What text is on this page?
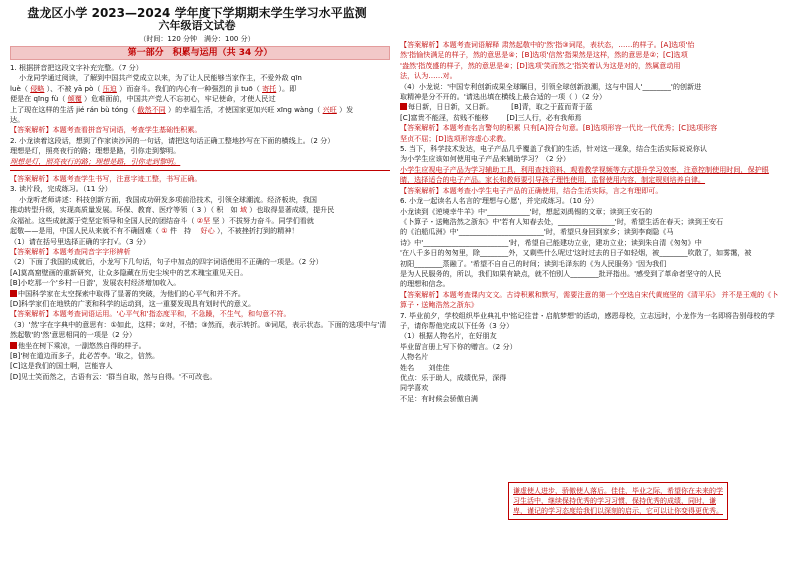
盘龙区小学 2023—2024 学年度下学期期末学生学习水平监测
六年级语文试卷
（时间：120 分钟　满分：100 分）
第一部分　积累与运用（共 34 分）

1. 根据拼音把这段文字补充完整。（7 分）

小龙同学通过阅读，了解到中国共产党成立以来，为了让人民能够当家作主，不爱外敌 qīn

luè（ 侵略 ）、不被 yā pò（ 压迫 ）而奋斗。我们的内心有一种强烈的 jì tuō（ 寄托 ）。即

便是在 qīng fù（ 倾覆 ）危难面前，中国共产党人不忘初心，牢记使命，才使人民过

上了现在这样的生活 jié rán bù tóng（ 截然不同 ）的幸福生活，才使国家更加兴旺 xīng wàng（ 兴旺 ）发

达。

【答案解析】本题考查看拼音写词语，考查学生基础性积累。

2. 小龙读着这段话，想到了作家读沙河的一句话，请把这句话正确工整地抄写在下面的横线上。（2 分）

理想是灯，照亮夜行的路；理想是路，引你走到黎明。

理想是灯，照亮夜行的路；理想是路，引你走到黎明。

【答案解析】本题考查学生书写，注意字迹工整，书写正确。

3. 读片段，完成练习。（11 分）

小龙听老师讲述：科技创新方面，我国成功研发多项前沿技术，引领全球潮流。经济板块，我国

推动转型升级，实现高质量发展。环保、教育、医疗等领（ 3 ）（ 积　如 域 ）也取得显著成绩，提升民

众福祉。这些成就源于党坚定领导和全国人民的团结奋斗（ ②坚 坚 ）不拔努力奋斗。同学们看就

起敬——是用，中国人民从来就不有不确固难（ ① 件　持　 好心 ），不被挫折打到的精神！

（1）请在括号里选择正确的字打√。（3 分）

【答案解析】本题考查同音字字形辨析

（2）下面了我国的成就后，小龙写下几句话，句子中加点的四字词语使用不正确的一项是。（2 分）

[A]莫高窟壁画的重新研究，让众多隐藏在历史尘埃中的艺术瑰宝重见天日。

[B]小吃那一个'乡村一日游'，发展农村经济增加收入。

中国科学家在太空探索中取得了显著的突破，为他们的心平气和并不齐。

[D]科学家们在地铁的广袤和科学的运动到，这一重要发现具有划时代的意义。

【答案解析】本题考查词语运用。'心平气和'指态度平和，不急躁，不生气，和句意不符。

（3）'然'字在字典中的意思有：①如此，这样；②对，不错；③然而，表示转折。⑤词尾，表示状态。下面的选项中与'清然起敬'的'然'意思相同的一项是（2 分）

他坐在树下乘凉，一副悠然自得的样子。

[B]'树在道边而多子，此必苦李。'取之，信然。

[C]这是我们的国土啊，岂能容人

[D]见士笑而然之，古语有云：'群当自取，然与自得。'不可改也。

【答案解析】本题考查词语解释 肃然起敬中的'然'指③词尾，表状态，……的样子。[A]选项'怡

然'指愉快满足的样子，然的意思是④；[B]选项'信然'指果然是这样，然的意思是②；[C]选项

'盎然'指茂盛的样子，然的意思是④；[D]选项'笑而然之'指笑着认为这是对的，然属意动用

法，认为……对。

（4）小龙说：'中国专利创新成果全球瞩目，引领全球创新浪潮，这与中国人'________'的创新进

取精神是分不开的。'请选出填在横线上最合适的一项（ ）（2 分）

每日新，日日新，又日新。	[B]青，取之于蓝而青于蓝

[C]富贵不能淫，贫贱不能移	[D]三人行，必有我师焉

【答案解析】本题考查名言警句的积累 只有[A]符合句意。[B]选项形容一代比一代优秀；[C]选项形容

坚贞不屈；[D]选项形容虚心求教。

5. 当下，科学技术发达，电子产品几乎覆盖了我们的生活，针对这一现象，结合生活实际说说你认

为小学生应该如何使用电子产品来辅助学习？（2 分）

小学生应视电子产品为学习辅助工具，利用查找资料、观看教学视频等方式提升学习效率，注意控制使用时间，保护眼睛，选择适合的电子产品。家长和教师要引导孩子理性使用，监督使用内容，制定规则培养自律。

【答案解析】本题考查小学生电子产品的正确使用，结合生活实际，言之有理即可。

6. 小龙一起读名人名言的'理想与心愿'，并完成练习。（10 分）

小龙读到《逆境幸牛羊》中'____________'时，想起刘禹锡的文章；读到王安石的

《卜算子・送鲍浩然之浙东》中'若有人知春去处，________________'时，希望生活在春天；读到王安石

的《泊船瓜洲》中'________________________'时，希望只身回到家乡；读到李商隐《马

诗》中'________________________'时，希望自己能建功立业，建功立业；读到朱自清《匆匆》中

'在八千多日的匆匆里，除________外，又剩些什么呢过'这时过去的日子如轻烟，被________吹散了，如雾霭，被

初阳________蒸融了。'希望不自自己的时间；读到毛泽东的《为人民服务》'因为我们

是为人民服务的，所以，我们如果有缺点，就不怕别人________批评指出。'感受到了革命者坚守的人民

的理想和信念。

【答案解析】本题考查课内文文。古诗积累和默写，需要注意的第一个空选自宋代黄庭坚的《清平乐》 并不是王观的《卜算子・送鲍浩然之浙东》

7. 毕业前夕，学校组织毕业典礼中'铭记往昔・启航梦想'的活动，感恩母校，立志远时，小龙作为一名即将告别母校的学子，请你帮他完成以下任务（3 分）

（1）根据人物名片，在好朋友

毕业留言册上写下你的赠言。（2 分）

人物名片

姓名　　刘佳佳

优点：乐于助人，成绩优异，深得同学喜欢

不足：有时候会骄傲自满

谦虚使人进步，骄傲使人落后。佳佳，毕业之际，希望你在未来的学习生活中，继续保持优秀的学习习惯，保持优秀的成绩，同时，谦卑，谨记的学习态度给我们以深刻的启示，它可以让你变得更优秀。
